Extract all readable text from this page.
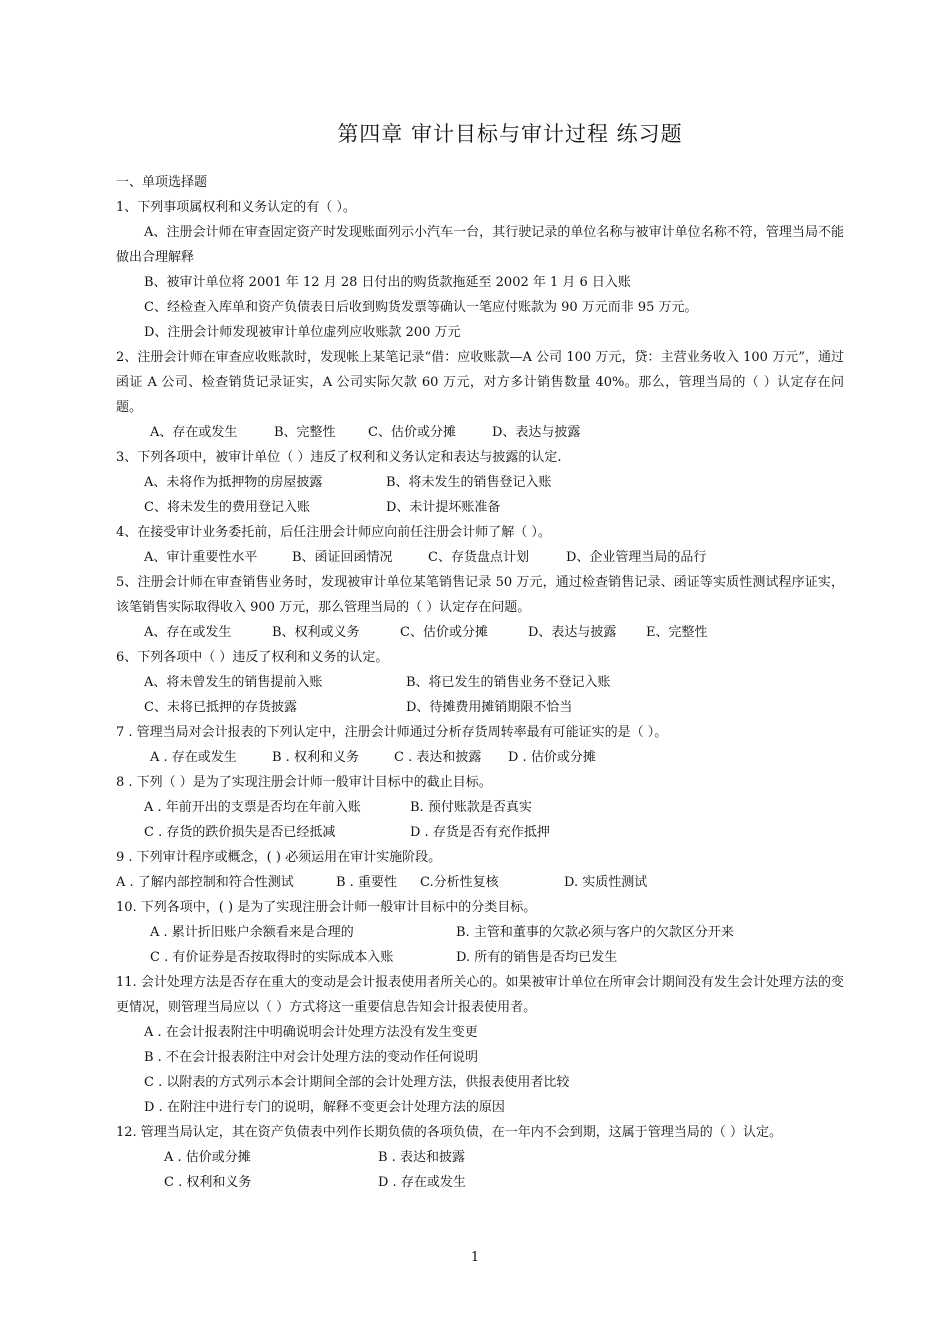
第四章 审计目标与审计过程 练习题
一、单项选择题
1、下列事项属权利和义务认定的有（ ）。
A、注册会计师在审查固定资产时发现账面列示小汽车一台，其行驶记录的单位名称与被审计单位名称不符，管理当局不能做出合理解释
B、被审计单位将 2001 年 12 月 28 日付出的购货款拖延至 2002 年 1 月 6 日入账
C、经检查入库单和资产负债表日后收到购货发票等确认一笔应付账款为 90 万元而非 95 万元。
D、注册会计师发现被审计单位虚列应收账款 200 万元
2、注册会计师在审查应收账款时，发现帐上某笔记录“借：应收账款—A 公司 100 万元，贷：主营业务收入 100 万元”，通过函证 A 公司、检查销货记录证实，A 公司实际欠款 60 万元，对方多计销售数量 40%。那么，管理当局的（ ）认定存在问题。
A、存在或发生	B、完整性	C、估价或分摊	D、表达与披露
3、下列各项中，被审计单位（ ）违反了权利和义务认定和表达与披露的认定.
A、未将作为抵押物的房屋披露	B、将未发生的销售登记入账
C、将未发生的费用登记入账	D、未计提坏账准备
4、在接受审计业务委托前，后任注册会计师应向前任注册会计师了解（ ）。
A、审计重要性水平	B、函证回函情况	C、存货盘点计划	D、企业管理当局的品行
5、注册会计师在审查销售业务时，发现被审计单位某笔销售记录 50 万元，通过检查销售记录、函证等实质性测试程序证实，该笔销售实际取得收入 900 万元，那么管理当局的（ ）认定存在问题。
A、存在或发生	B、权利或义务	C、估价或分摊	D、表达与披露	E、完整性
6、下列各项中（ ）违反了权利和义务的认定。
A、将未曾发生的销售提前入账	B、将已发生的销售业务不登记入账
C、未将已抵押的存货披露	D、待摊费用摊销期限不恰当
7 . 管理当局对会计报表的下列认定中，注册会计师通过分析存货周转率最有可能证实的是（ ）。
A . 存在或发生	B . 权利和义务	C . 表达和披露	D . 估价或分摊
8 . 下列（ ）是为了实现注册会计师一般审计目标中的截止目标。
A . 年前开出的支票是否均在年前入账	B. 预付账款是否真实
C . 存货的跌价损失是否已经抵减	D . 存货是否有充作抵押
9 . 下列审计程序或概念，( ) 必须运用在审计实施阶段。
A . 了解内部控制和符合性测试	B . 重要性	C.分析性复核	D. 实质性测试
10. 下列各项中，( ) 是为了实现注册会计师一般审计目标中的分类目标。
A . 累计折旧账户余额看来是合理的	B. 主管和董事的欠款必须与客户的欠款区分开来
C . 有价证券是否按取得时的实际成本入账	D. 所有的销售是否均已发生
11. 会计处理方法是否存在重大的变动是会计报表使用者所关心的。如果被审计单位在所审会计期间没有发生会计处理方法的变更情况，则管理当局应以（ ）方式将这一重要信息告知会计报表使用者。
A . 在会计报表附注中明确说明会计处理方法没有发生变更
B . 不在会计报表附注中对会计处理方法的变动作任何说明
C . 以附表的方式列示本会计期间全部的会计处理方法，供报表使用者比较
D . 在附注中进行专门的说明，解释不变更会计处理方法的原因
12. 管理当局认定，其在资产负债表中列作长期负债的各项负债，在一年内不会到期，这属于管理当局的（ ）认定。
A . 估价或分摊	B . 表达和披露
C . 权利和义务	D . 存在或发生
1
